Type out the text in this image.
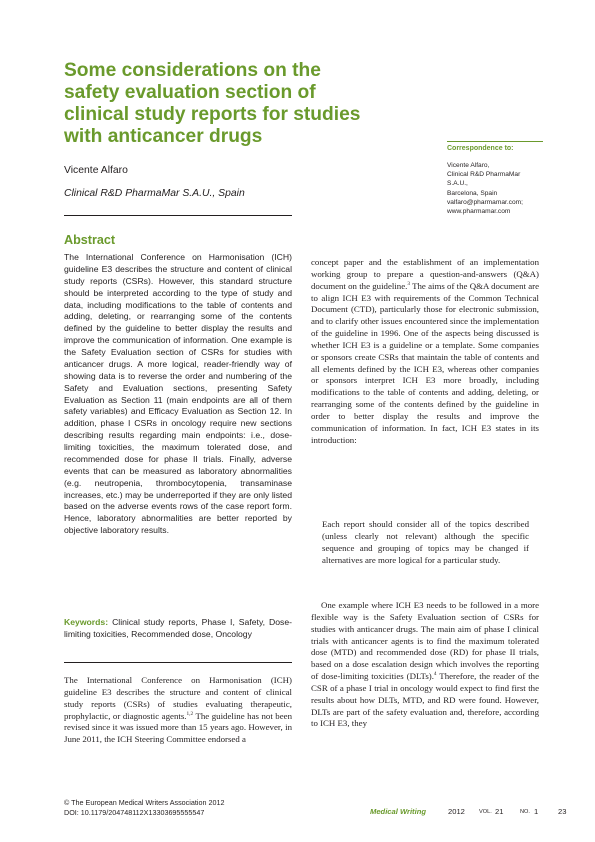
Some considerations on the
safety evaluation section of
clinical study reports for studies
with anticancer drugs
Vicente Alfaro
Clinical R&D PharmaMar S.A.U., Spain
Correspondence to:
Vicente Alfaro,
Clinical R&D PharmaMar
S.A.U.,
Barcelona, Spain
valfaro@pharmamar.com;
www.pharmamar.com
Abstract
The International Conference on Harmonisation (ICH) guideline E3 describes the structure and content of clinical study reports (CSRs). However, this standard structure should be interpreted according to the type of study and data, including modifications to the table of contents and adding, deleting, or rearranging some of the contents defined by the guideline to better display the results and improve the communication of information. One example is the Safety Evaluation section of CSRs for studies with anticancer drugs. A more logical, reader-friendly way of showing data is to reverse the order and numbering of the Safety and Evaluation sections, presenting Safety Evaluation as Section 11 (main endpoints are all of them safety variables) and Efficacy Evaluation as Section 12. In addition, phase I CSRs in oncology require new sections describing results regarding main endpoints: i.e., dose-limiting toxicities, the maximum tolerated dose, and recommended dose for phase II trials. Finally, adverse events that can be measured as laboratory abnormalities (e.g. neutropenia, thrombocytopenia, transaminase increases, etc.) may be underreported if they are only listed based on the adverse events rows of the case report form. Hence, laboratory abnormalities are better reported by objective laboratory results.
Keywords: Clinical study reports, Phase I, Safety, Dose-limiting toxicities, Recommended dose, Oncology
The International Conference on Harmonisation (ICH) guideline E3 describes the structure and content of clinical study reports (CSRs) of studies evaluating therapeutic, prophylactic, or diagnostic agents.$^{1,2}$ The guideline has not been revised since it was issued more than 15 years ago. However, in June 2011, the ICH Steering Committee endorsed a

concept paper and the establishment of an implementation working group to prepare a question-and-answers (Q&A) document on the guideline.$^3$ The aims of the Q&A document are to align ICH E3 with requirements of the Common Technical Document (CTD), particularly those for electronic submission, and to clarify other issues encountered since the implementation of the guideline in 1996. One of the aspects being discussed is whether ICH E3 is a guideline or a template. Some companies or sponsors create CSRs that maintain the table of contents and all elements defined by the ICH E3, whereas other companies or sponsors interpret ICH E3 more broadly, including modifications to the table of contents and adding, deleting, or rearranging some of the contents defined by the guideline in order to better display the results and improve the communication of information. In fact, ICH E3 states in its introduction:

Each report should consider all of the topics described (unless clearly not relevant) although the specific sequence and grouping of topics may be changed if alternatives are more logical for a particular study.
One example where ICH E3 needs to be followed in a more flexible way is the Safety Evaluation section of CSRs for studies with anticancer drugs. The main aim of phase I clinical trials with anticancer agents is to find the maximum tolerated dose (MTD) and recommended dose (RD) for phase II trials, based on a dose escalation design which involves the reporting of dose-limiting toxicities (DLTs).$^4$ Therefore, the reader of the CSR of a phase I trial in oncology would expect to find first the results about how DLTs, MTD, and RD were found. However, DLTs are part of the safety evaluation and, therefore, according to ICH E3, they
© The European Medical Writers Association 2012
DOI: 10.1179/2047481​12X13303695555547	Medical Writing	2012	VOL. 21	NO. 1	23
